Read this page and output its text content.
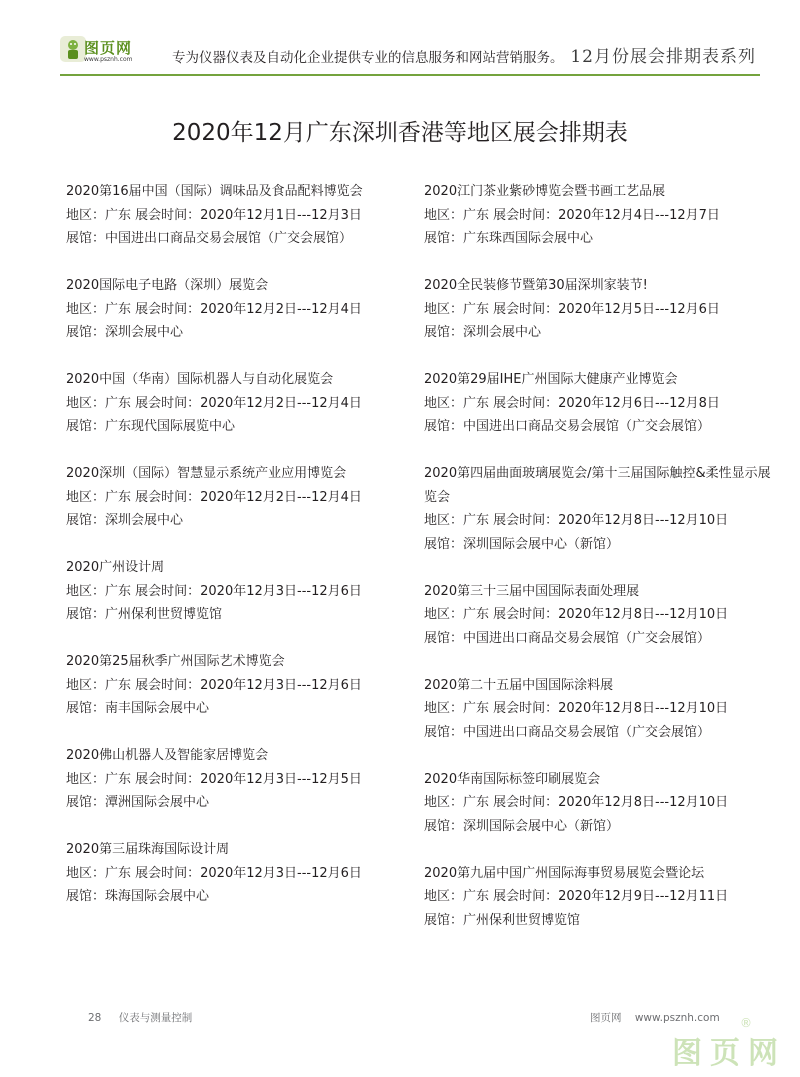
图页网
www.psznh.com	专为仪器仪表及自动化企业提供专业的信息服务和网站营销服务。 12月份展会排期表系列
2020年12月广东深圳香港等地区展会排期表
2020第16届中国（国际）调味品及食品配料博览会
地区：广东 展会时间：2020年12月1日---12月3日
展馆：中国进出口商品交易会展馆（广交会展馆）
2020国际电子电路（深圳）展览会
地区：广东 展会时间：2020年12月2日---12月4日
展馆：深圳会展中心
2020中国（华南）国际机器人与自动化展览会
地区：广东 展会时间：2020年12月2日---12月4日
展馆：广东现代国际展览中心
2020深圳（国际）智慧显示系统产业应用博览会
地区：广东 展会时间：2020年12月2日---12月4日
展馆：深圳会展中心
2020广州设计周
地区：广东 展会时间：2020年12月3日---12月6日
展馆：广州保利世贸博览馆
2020第25届秋季广州国际艺术博览会
地区：广东 展会时间：2020年12月3日---12月6日
展馆：南丰国际会展中心
2020佛山机器人及智能家居博览会
地区：广东 展会时间：2020年12月3日---12月5日
展馆：潭洲国际会展中心
2020第三届珠海国际设计周
地区：广东 展会时间：2020年12月3日---12月6日
展馆：珠海国际会展中心
2020江门茶业紫砂博览会暨书画工艺品展
地区：广东 展会时间：2020年12月4日---12月7日
展馆：广东珠西国际会展中心
2020全民装修节暨第30届深圳家装节!
地区：广东 展会时间：2020年12月5日---12月6日
展馆：深圳会展中心
2020第29届IHE广州国际大健康产业博览会
地区：广东 展会时间：2020年12月6日---12月8日
展馆：中国进出口商品交易会展馆（广交会展馆）
2020第四届曲面玻璃展览会/第十三届国际触控&柔性显示展览会
地区：广东 展会时间：2020年12月8日---12月10日
展馆：深圳国际会展中心（新馆）
2020第三十三届中国国际表面处理展
地区：广东 展会时间：2020年12月8日---12月10日
展馆：中国进出口商品交易会展馆（广交会展馆）
2020第二十五届中国国际涂料展
地区：广东 展会时间：2020年12月8日---12月10日
展馆：中国进出口商品交易会展馆（广交会展馆）
2020华南国际标签印刷展览会
地区：广东 展会时间：2020年12月8日---12月10日
展馆：深圳国际会展中心（新馆）
2020第九届中国广州国际海事贸易展览会暨论坛
地区：广东 展会时间：2020年12月9日---12月11日
展馆：广州保利世贸博览馆
28 仪表与测量控制	图页网 www.psznh.com
图页网
®
